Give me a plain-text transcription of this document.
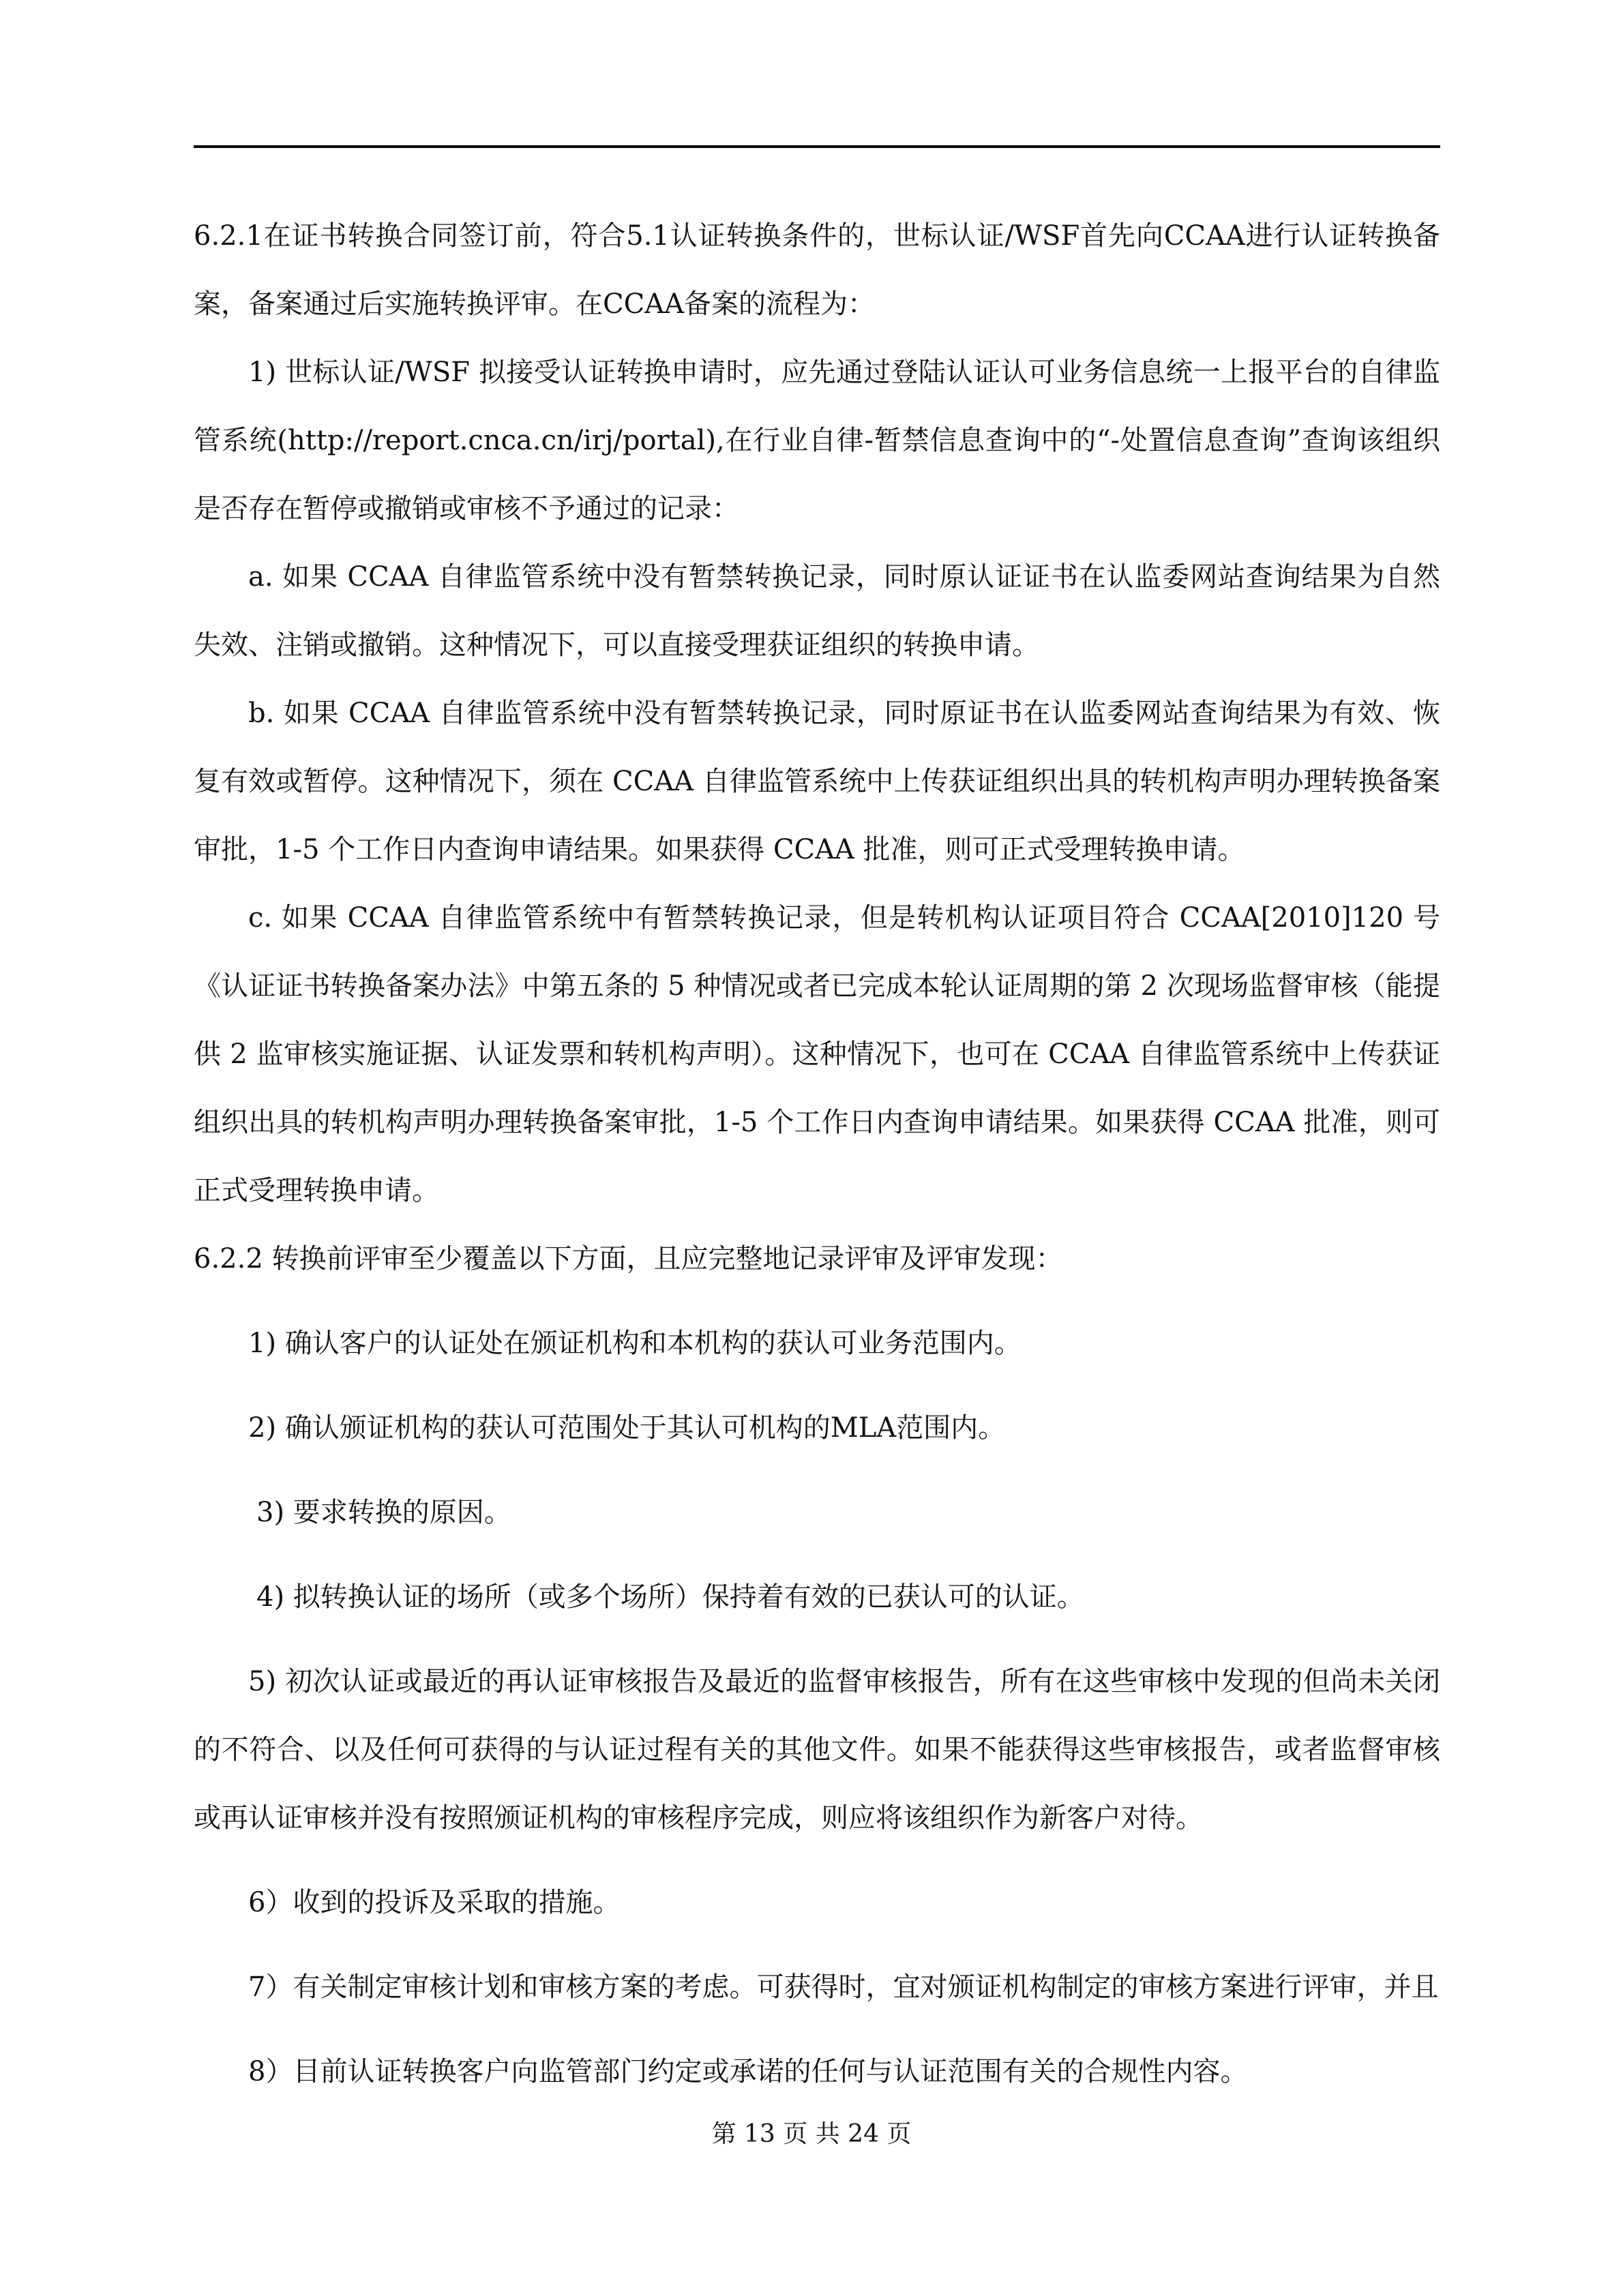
6.2.1在证书转换合同签订前，符合5.1认证转换条件的，世标认证/WSF首先向CCAA进行认证转换备案，备案通过后实施转换评审。在CCAA备案的流程为：

1) 世标认证/WSF 拟接受认证转换申请时，应先通过登陆认证认可业务信息统一上报平台的自律监管系统(http://report.cnca.cn/irj/portal),在行业自律-暂禁信息查询中的“-处置信息查询”查询该组织是否存在暂停或撤销或审核不予通过的记录：

a. 如果 CCAA 自律监管系统中没有暂禁转换记录，同时原认证证书在认监委网站查询结果为自然失效、注销或撤销。这种情况下，可以直接受理获证组织的转换申请。

b. 如果 CCAA 自律监管系统中没有暂禁转换记录，同时原证书在认监委网站查询结果为有效、恢复有效或暂停。这种情况下，须在 CCAA 自律监管系统中上传获证组织出具的转机构声明办理转换备案审批，1-5 个工作日内查询申请结果。如果获得 CCAA 批准，则可正式受理转换申请。

c. 如果 CCAA 自律监管系统中有暂禁转换记录，但是转机构认证项目符合 CCAA[2010]120 号《认证证书转换备案办法》中第五条的 5 种情况或者已完成本轮认证周期的第 2 次现场监督审核（能提供 2 监审核实施证据、认证发票和转机构声明）。这种情况下，也可在 CCAA 自律监管系统中上传获证组织出具的转机构声明办理转换备案审批，1-5 个工作日内查询申请结果。如果获得 CCAA 批准，则可正式受理转换申请。

6.2.2 转换前评审至少覆盖以下方面，且应完整地记录评审及评审发现：

1) 确认客户的认证处在颁证机构和本机构的获认可业务范围内。

2) 确认颁证机构的获认可范围处于其认可机构的MLA范围内。

3) 要求转换的原因。

4) 拟转换认证的场所（或多个场所）保持着有效的已获认可的认证。

5) 初次认证或最近的再认证审核报告及最近的监督审核报告，所有在这些审核中发现的但尚未关闭的不符合、以及任何可获得的与认证过程有关的其他文件。如果不能获得这些审核报告，或者监督审核或再认证审核并没有按照颁证机构的审核程序完成，则应将该组织作为新客户对待。

6）收到的投诉及采取的措施。

7）有关制定审核计划和审核方案的考虑。可获得时，宜对颁证机构制定的审核方案进行评审，并且

8）目前认证转换客户向监管部门约定或承诺的任何与认证范围有关的合规性内容。

第 13 页 共 24 页
